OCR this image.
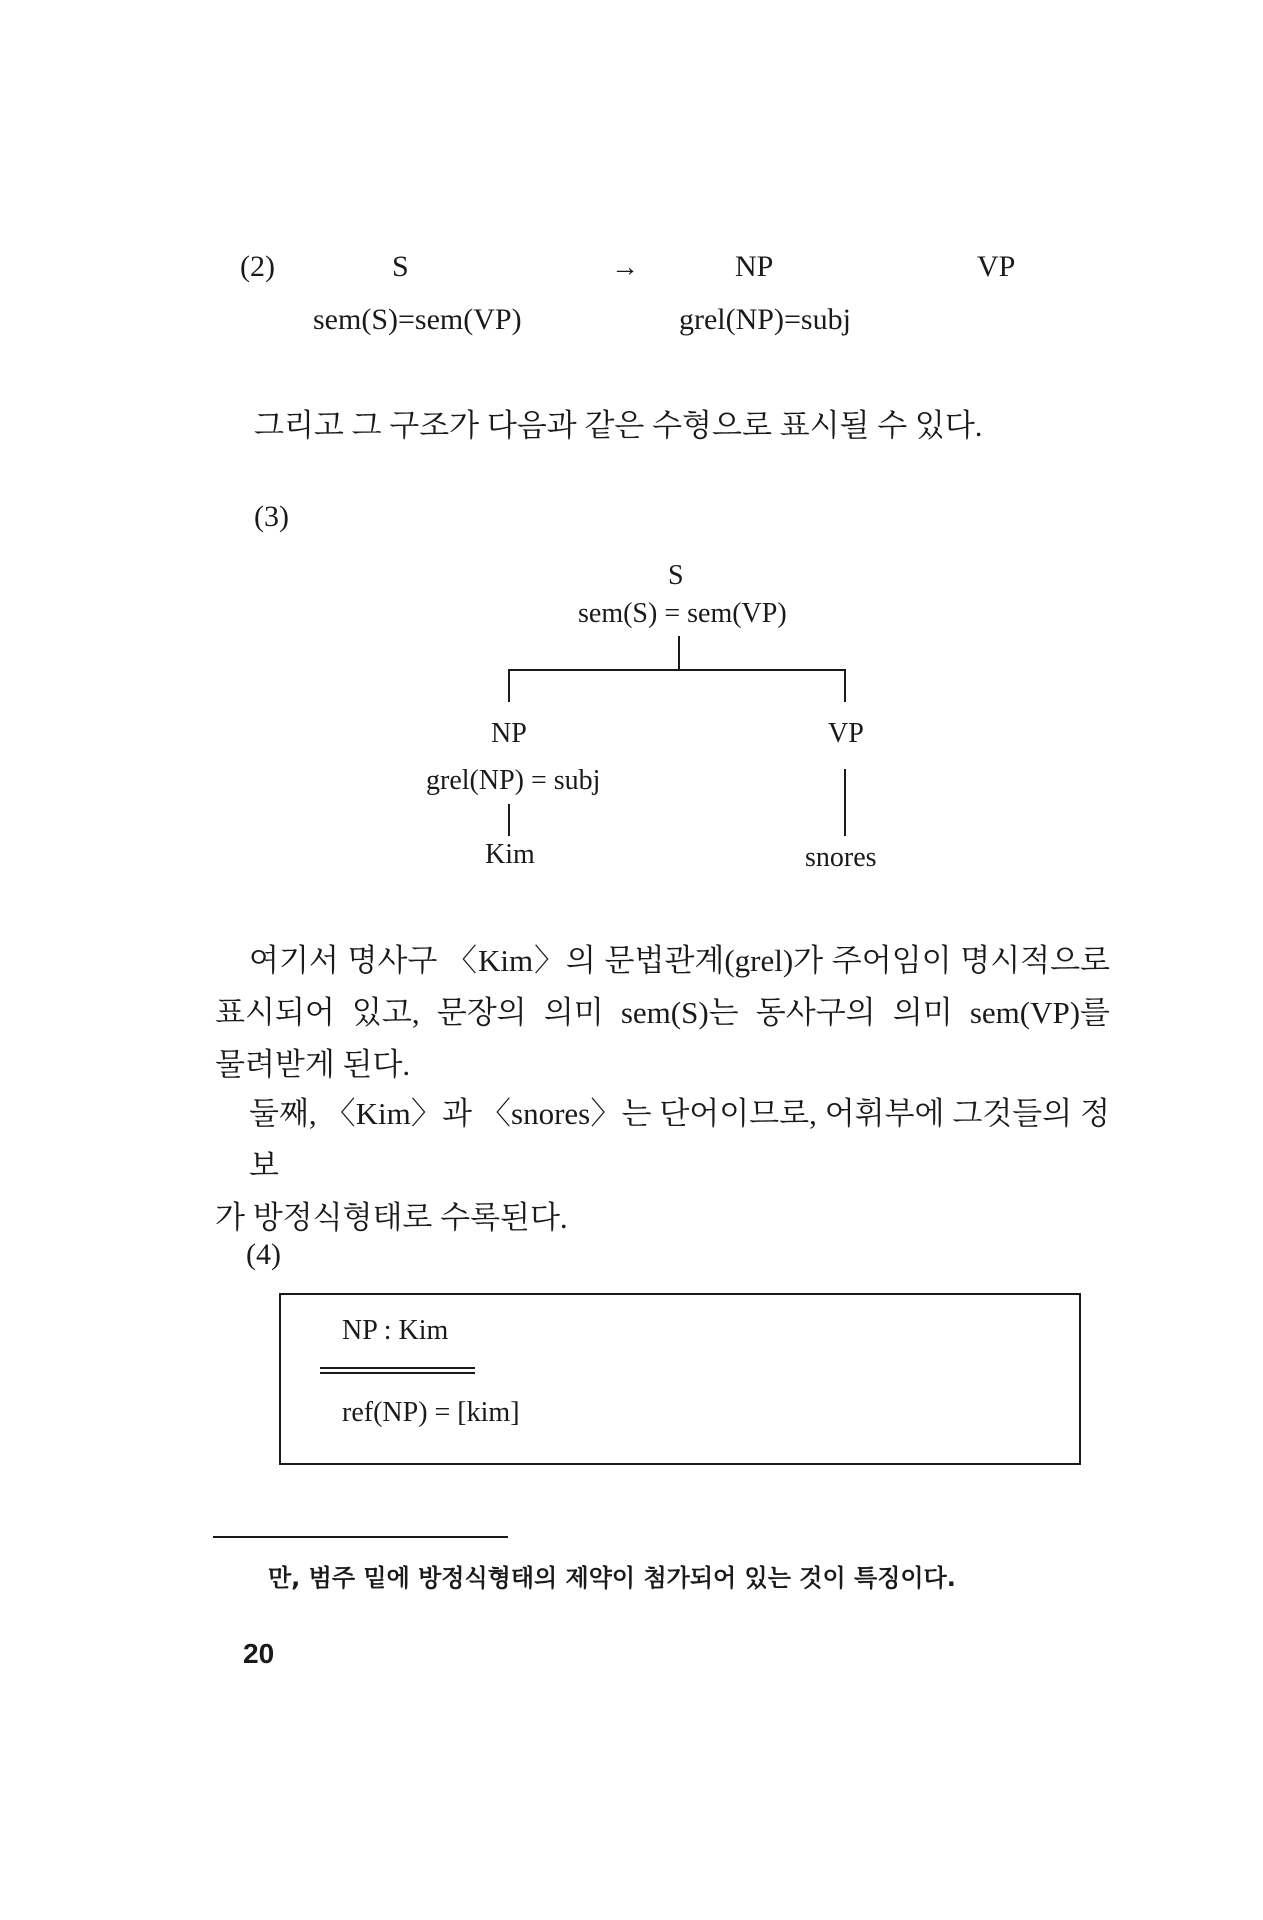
(2)	S	→	NP	VP
sem(S)=sem(VP)	grel(NP)=subj
그리고 그 구조가 다음과 같은 수형으로 표시될 수 있다.
(3)
S
sem(S) = sem(VP)
NP
grel(NP) = subj
Kim
VP
snores
여기서 명사구 〈Kim〉의 문법관계(grel)가 주어임이 명시적으로
표시되어 있고, 문장의 의미 sem(S)는 동사구의 의미 sem(VP)를
물려받게 된다.
둘째, 〈Kim〉과 〈snores〉는 단어이므로, 어휘부에 그것들의 정보
가 방정식형태로 수록된다.
(4)
NP : Kim
ref(NP) = [kim]
만, 범주 밑에 방정식형태의 제약이 첨가되어 있는 것이 특징이다.
20
